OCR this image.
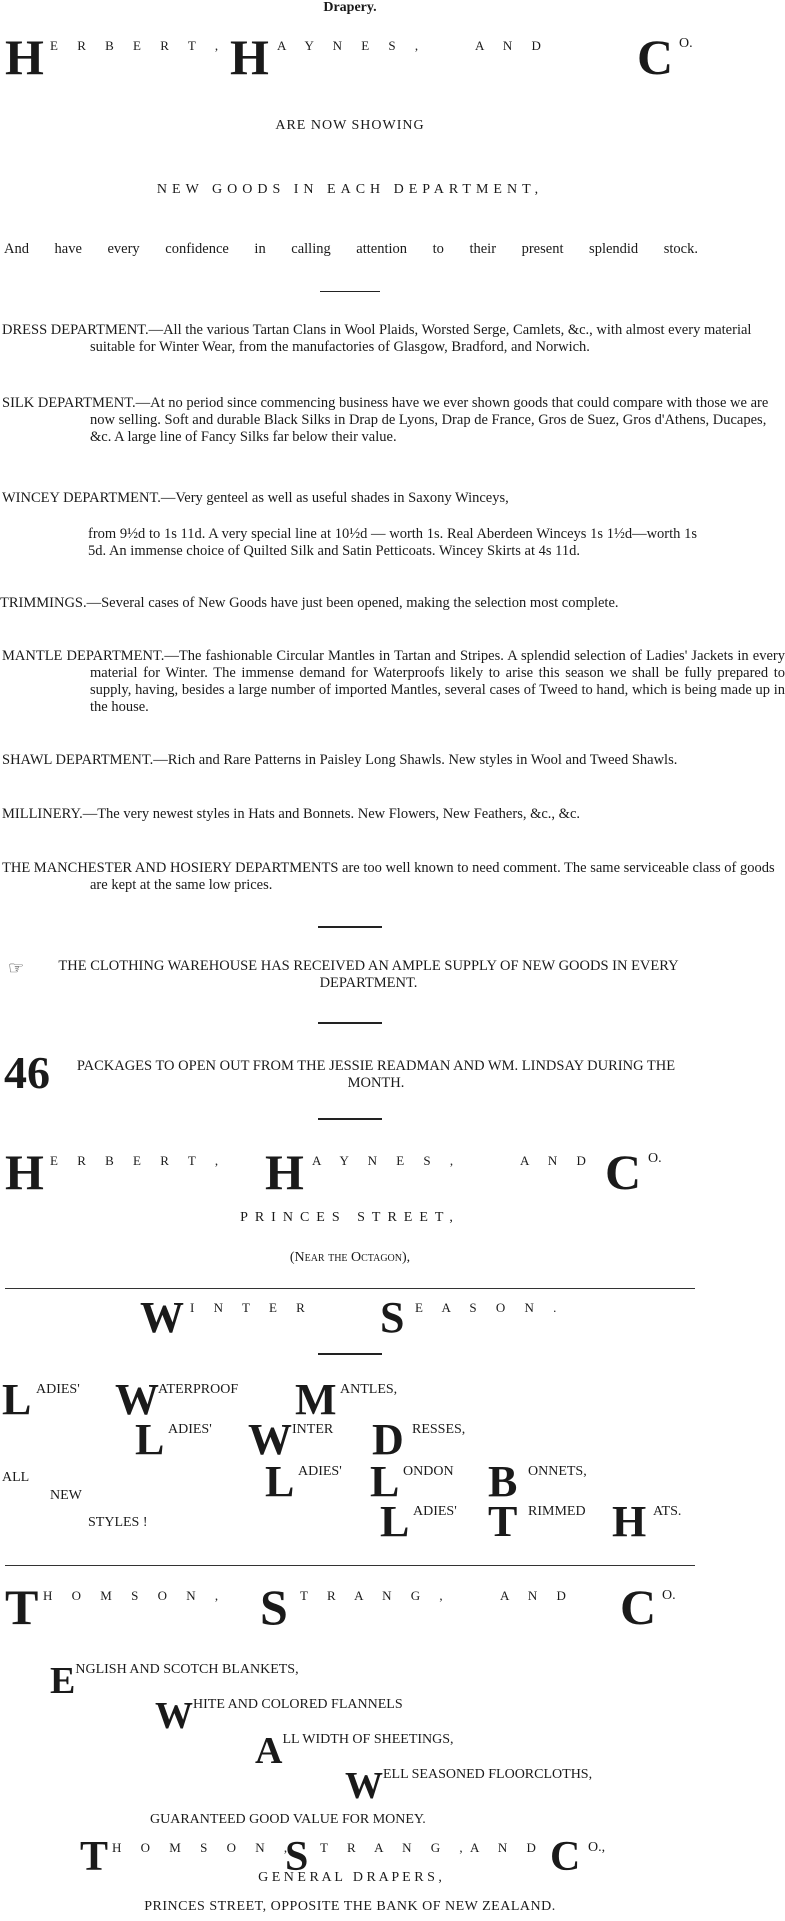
Drapery.
H E R B E R T , H A Y N E S ,	A N D C O.
ARE NOW SHOWING
NEW GOODS IN EACH DEPARTMENT,
And have every confidence in calling attention to their present splendid stock.
DRESS DEPARTMENT.—All the various Tartan Clans in Wool Plaids, Worsted Serge, Camlets, &c., with almost every material suitable for Winter Wear, from the manufactories of Glasgow, Bradford, and Norwich.
SILK DEPARTMENT.—At no period since commencing business have we ever shown goods that could compare with those we are now selling. Soft and durable Black Silks in Drap de Lyons, Drap de France, Gros de Suez, Gros d'Athens, Ducapes, &c. A large line of Fancy Silks far below their value.
WINCEY DEPARTMENT.—Very genteel as well as useful shades in Saxony Winceys,
from 9½d to 1s 11d. A very special line at 10½d — worth 1s. Real Aberdeen Winceys 1s 1½d—worth 1s 5d. An immense choice of Quilted Silk and Satin Petticoats. Wincey Skirts at 4s 11d.
TRIMMINGS.—Several cases of New Goods have just been opened, making the selection most complete.
MANTLE DEPARTMENT.—The fashionable Circular Mantles in Tartan and Stripes. A splendid selection of Ladies' Jackets in every material for Winter. The immense demand for Waterproofs likely to arise this season we shall be fully prepared to supply, having, besides a large number of imported Mantles, several cases of Tweed to hand, which is being made up in the house.
SHAWL DEPARTMENT.—Rich and Rare Patterns in Paisley Long Shawls. New styles in Wool and Tweed Shawls.
MILLINERY.—The very newest styles in Hats and Bonnets. New Flowers, New Feathers, &c., &c.
THE MANCHESTER AND HOSIERY DEPARTMENTS are too well known to need comment. The same serviceable class of goods are kept at the same low prices.
☞	THE CLOTHING WAREHOUSE HAS RECEIVED AN AMPLE SUPPLY OF NEW GOODS IN EVERY DEPARTMENT.
46	PACKAGES TO OPEN OUT FROM THE JESSIE READMAN AND WM. LINDSAY DURING THE MONTH.
H E R B E R T , H A Y N E S ,	A N D C O.
PRINCES STREET,
(Near the Octagon),
W I N T E R S E A S O N .
L ADIES' W ATERPROOF M ANTLES,
L ADIES' W INTER D RESSES,
ALL
NEW
STYLES !
L ADIES' L ONDON B ONNETS,
L ADIES' T RIMMED H ATS.
T H O M S O N , S T R A N G ,	A N D C O.
ENGLISH AND SCOTCH BLANKETS,
WHITE AND COLORED FLANNELS
ALL WIDTH OF SHEETINGS,
WELL SEASONED FLOORCLOTHS,
GUARANTEED GOOD VALUE FOR MONEY.
T H O M S O N ,
S T R A N G , A N D C O.,
G E N E R A L   D R A P E R S ,
PRINCES STREET, OPPOSITE THE BANK OF NEW ZEALAND.
